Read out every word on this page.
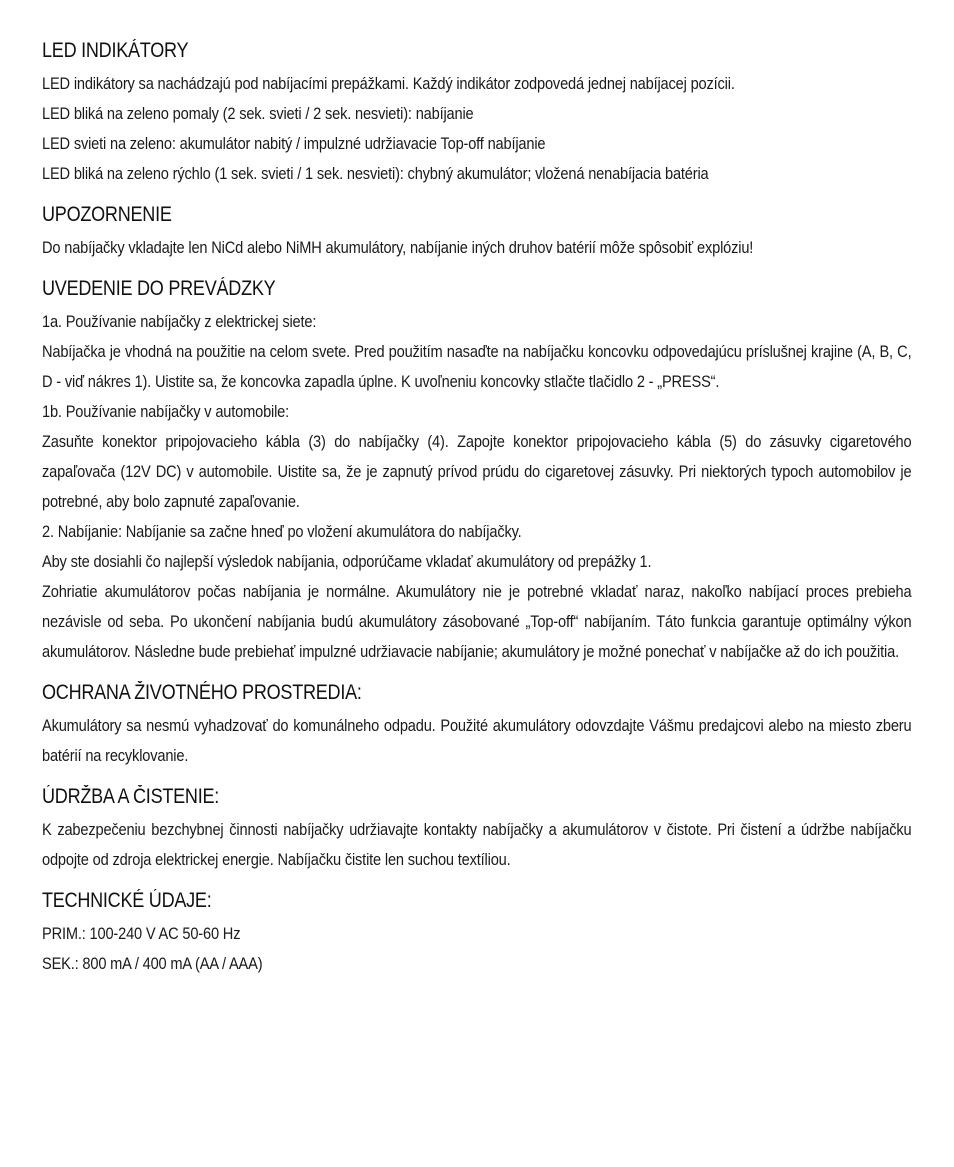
LED INDIKÁTORY
LED indikátory sa nachádzajú pod nabíjacími prepážkami. Každý indikátor zodpovedá jednej nabíjacej pozícii.
LED bliká na zeleno pomaly (2 sek. svieti / 2 sek. nesvieti): nabíjanie
LED svieti na zeleno: akumulátor nabitý / impulzné udržiavacie Top-off nabíjanie
LED bliká na zeleno rýchlo (1 sek. svieti / 1 sek. nesvieti): chybný akumulátor; vložená nenabíjacia batéria
UPOZORNENIE
Do nabíjačky vkladajte len NiCd alebo NiMH akumulátory, nabíjanie iných druhov batérií môže spôsobiť explóziu!
UVEDENIE DO PREVÁDZKY
1a. Používanie nabíjačky z elektrickej siete:

Nabíjačka je vhodná na použitie na celom svete. Pred použitím nasaďte na nabíjačku koncovku odpovedajúcu príslušnej krajine (A, B, C, D - viď nákres 1). Uistite sa, že koncovka zapadla úplne. K uvoľneniu koncovky stlačte tlačidlo 2 - „PRESS“.

1b. Používanie nabíjačky v automobile:

Zasuňte konektor pripojovacieho kábla (3) do nabíjačky (4). Zapojte konektor pripojovacieho kábla (5) do zásuvky cigaretového zapaľovača (12V DC) v automobile. Uistite sa, že je zapnutý prívod prúdu do cigaretovej zásuvky. Pri niektorých typoch automobilov je potrebné, aby bolo zapnuté zapaľovanie.

2. Nabíjanie: Nabíjanie sa začne hneď po vložení akumulátora do nabíjačky.
Aby ste dosiahli čo najlepší výsledok nabíjania, odporúčame vkladať akumulátory od prepážky 1.

Zohriatie akumulátorov počas nabíjania je normálne. Akumulátory nie je potrebné vkladať naraz, nakoľko nabíjací proces prebieha nezávisle od seba. Po ukončení nabíjania budú akumulátory zásobované „Top-off“ nabíjaním. Táto funkcia garantuje optimálny výkon akumulátorov. Následne bude prebiehať impulzné udržiavacie nabíjanie; akumulátory je možné ponechať v nabíjačke až do ich použitia.

OCHRANA ŽIVOTNÉHO PROSTREDIA:

Akumulátory sa nesmú vyhadzovať do komunálneho odpadu. Použité akumulátory odovzdajte Vášmu predajcovi alebo na miesto zberu batérií na recyklovanie.

ÚDRŽBA A ČISTENIE:

K zabezpečeniu bezchybnej činnosti nabíjačky udržiavajte kontakty nabíjačky a akumulátorov v čistote. Pri čistení a údržbe nabíjačku odpojte od zdroja elektrickej energie. Nabíjačku čistite len suchou textíliou.

TECHNICKÉ ÚDAJE:
PRIM.: 100-240 V AC 50-60 Hz
SEK.: 800 mA / 400 mA (AA / AAA)
